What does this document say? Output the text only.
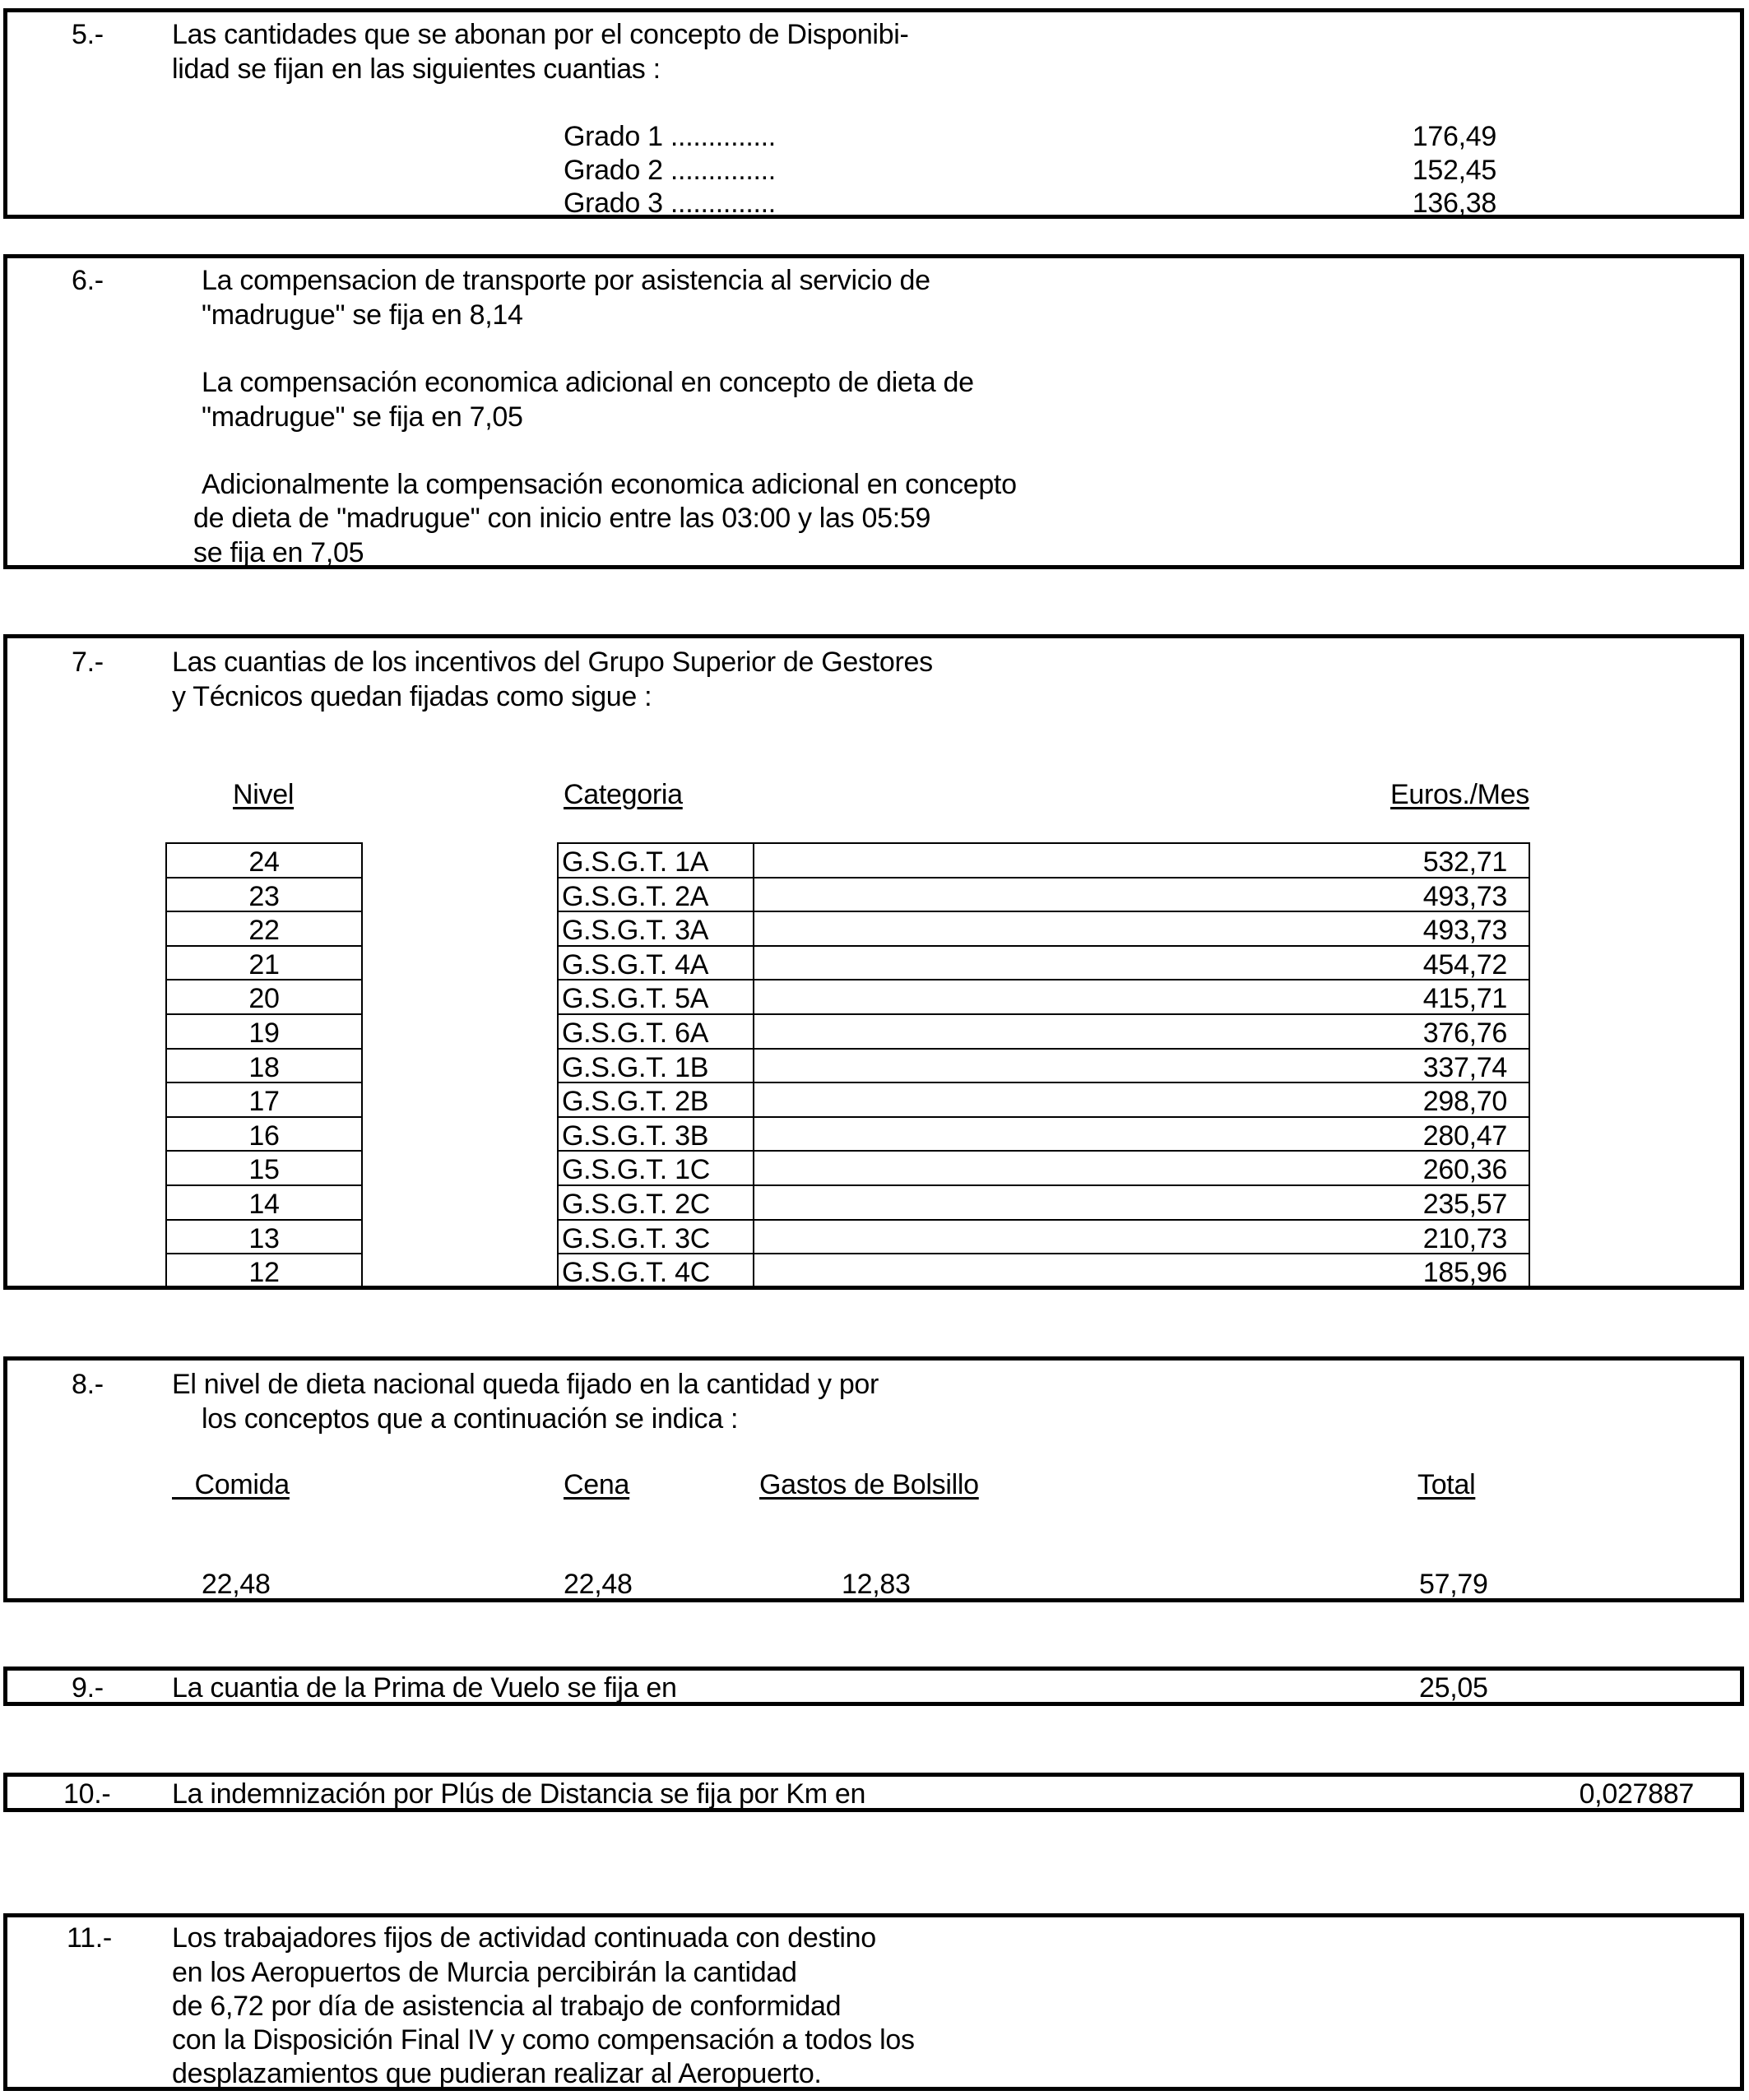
5.- Las cantidades que se abonan por el concepto de Disponibi-
lidad se fijan en las siguientes cuantias :
Grado 1 ..............	176,49
Grado 2 ..............	152,45
Grado 3 ..............	136,38
6.-	La compensacion de transporte por asistencia al servicio de
"madrugue" se fija en 8,14
La compensación economica adicional en concepto de dieta de
"madrugue" se fija en 7,05
Adicionalmente la compensación economica adicional en concepto
de dieta de "madrugue" con inicio entre las 03:00 y las 05:59
se fija en 7,05
7.- Las cuantias de los incentivos del Grupo Superior de Gestores
y Técnicos quedan fijadas como sigue :
Nivel	Categoria	Euros./Mes
24	G.S.G.T. 1A	532,71
23	G.S.G.T. 2A	493,73
22	G.S.G.T. 3A	493,73
21	G.S.G.T. 4A	454,72
20	G.S.G.T. 5A	415,71
19	G.S.G.T. 6A	376,76
18	G.S.G.T. 1B	337,74
17	G.S.G.T. 2B	298,70
16	G.S.G.T. 3B	280,47
15	G.S.G.T. 1C	260,36
14	G.S.G.T. 2C	235,57
13	G.S.G.T. 3C	210,73
12	G.S.G.T. 4C	185,96
8.- El nivel de dieta nacional queda fijado en la cantidad y por
los conceptos que a continuación se indica :
Comida	Cena	Gastos de Bolsillo	Total
22,48	22,48	12,83	57,79
9.- La cuantia de la Prima de Vuelo se fija en	25,05
10.- La indemnización por Plús de Distancia se fija por Km en	0,027887
11.- Los trabajadores fijos de actividad continuada con destino
en los Aeropuertos de Murcia percibirán la cantidad
de 6,72 por día de asistencia al trabajo de conformidad
con la Disposición Final IV y como compensación a todos los
desplazamientos que pudieran realizar al Aeropuerto.
